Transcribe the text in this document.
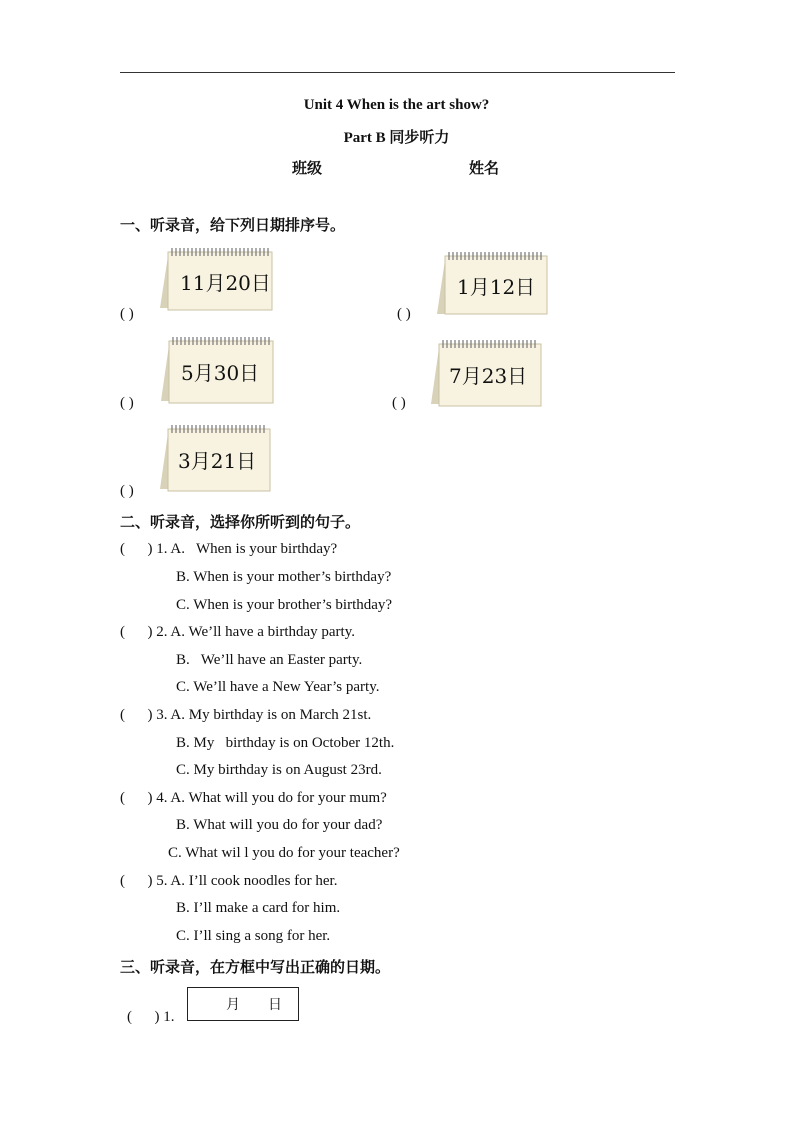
Unit 4 When is the art show?
Part B 同步听力
班级	姓名
一、听录音，给下列日期排序号。
11月20日
( )
1月12日
( )
5月30日
( )
7月23日
( )
3月21日
( )
二、听录音，选择你所听到的句子。
(      ) 1. A.   When is your birthday?
B. When is your mother’s birthday?
C. When is your brother’s birthday?
(      ) 2. A. We’ll have a birthday party.
B.   We’ll have an Easter party.
C. We’ll have a New Year’s party.
(      ) 3. A. My birthday is on March 21st.
B. My   birthday is on October 12th.
C. My birthday is on August 23rd.
(      ) 4. A. What will you do for your mum?
B. What will you do for your dad?
C. What wil l you do for your teacher?
(      ) 5. A. I’ll cook noodles for her.
B. I’ll make a card for him.
C. I’ll sing a song for her.
三、听录音，在方框中写出正确的日期。
(      ) 1.
月 日
